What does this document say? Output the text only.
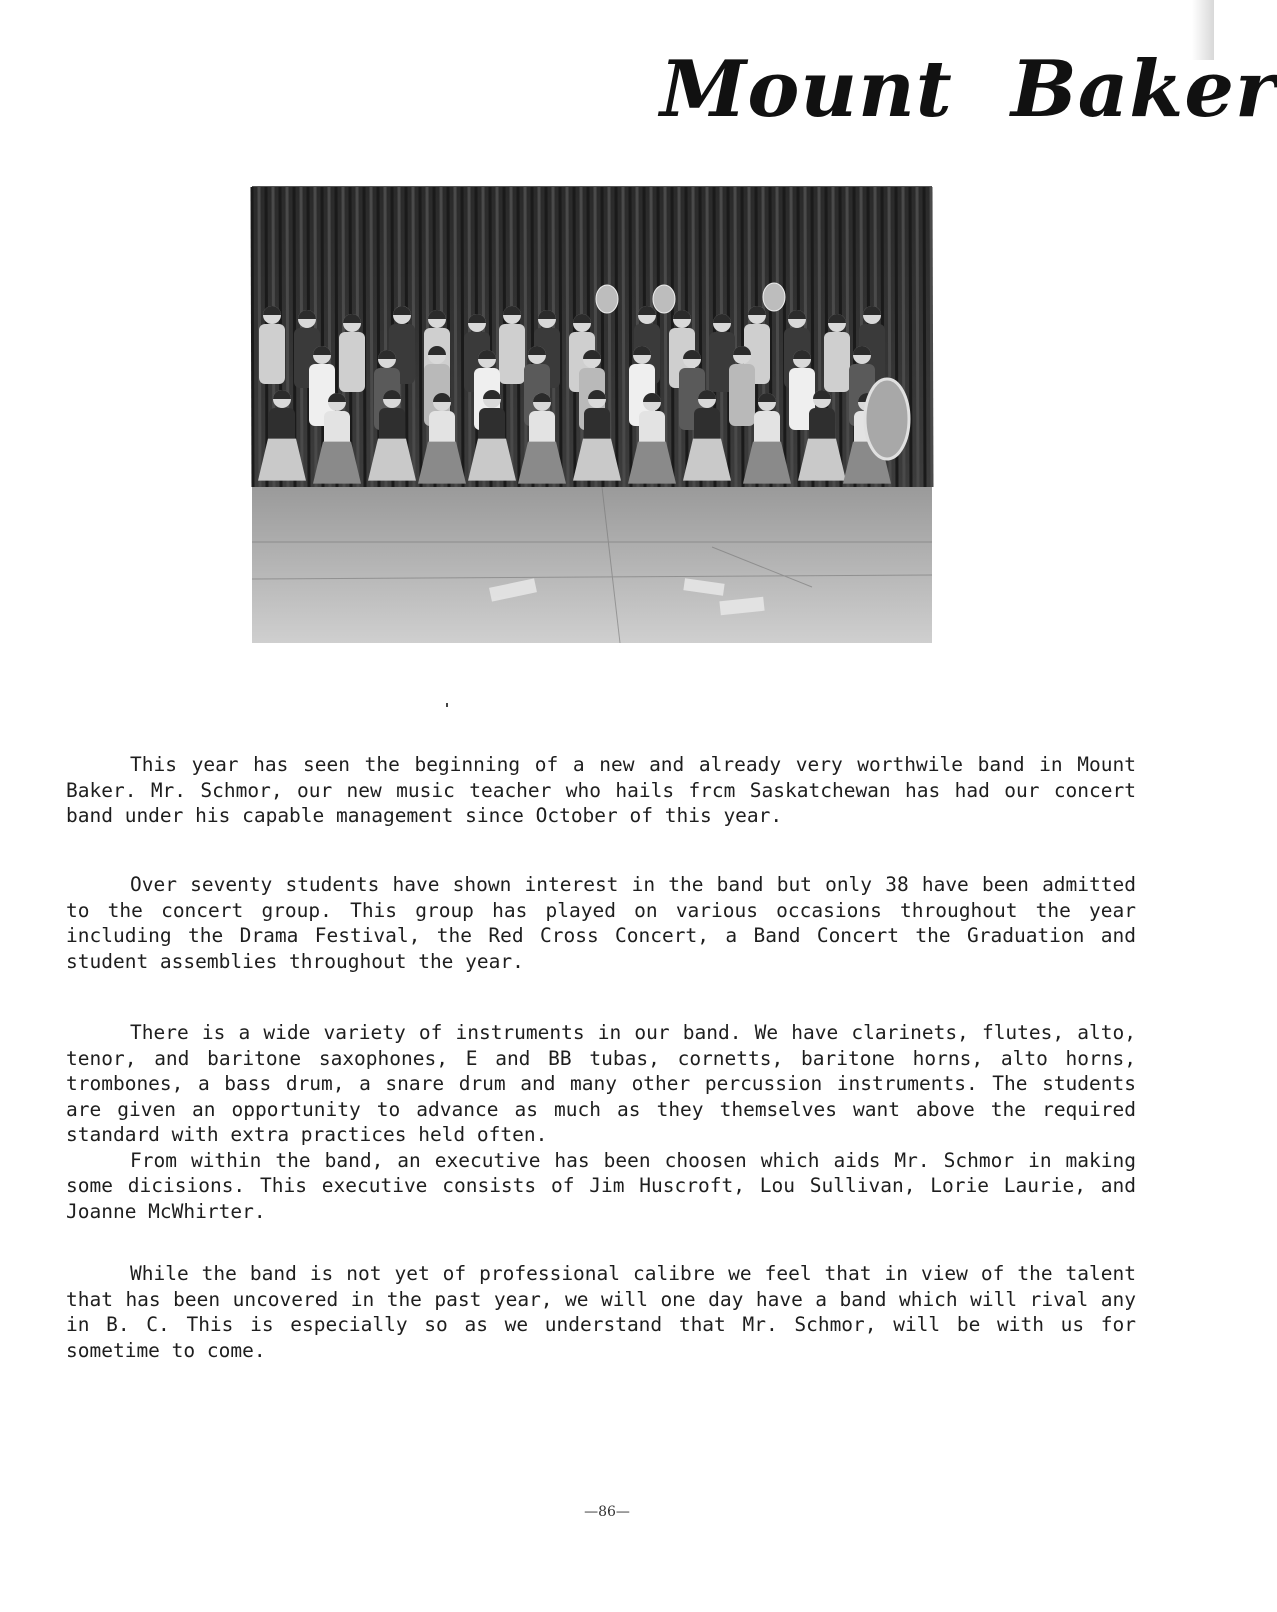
Mount Baker

This year has seen the beginning of a new and already very worthwile band in Mount Baker. Mr. Schmor, our new music teacher who hails frcm Saskatchewan has had our concert band under his capable management since October of this year.

Over seventy students have shown interest in the band but only 38 have been admitted to the concert group. This group has played on various occasions throughout the year including the Drama Festival, the Red Cross Concert, a Band Concert the Graduation and student assemblies throughout the year.

There is a wide variety of instruments in our band. We have clarinets, flutes, alto, tenor, and baritone saxophones, E and BB tubas, cornetts, baritone horns, alto horns, trombones, a bass drum, a snare drum and many other percussion instruments. The students are given an opportunity to advance as much as they themselves want above the required standard with extra practices held often.

From within the band, an executive has been choosen which aids Mr. Schmor in making some dicisions. This executive consists of Jim Huscroft, Lou Sullivan, Lorie Laurie, and Joanne McWhirter.

While the band is not yet of professional calibre we feel that in view of the talent that has been uncovered in the past year, we will one day have a band which will rival any in B. C. This is especially so as we understand that Mr. Schmor, will be with us for sometime to come.

—86—
